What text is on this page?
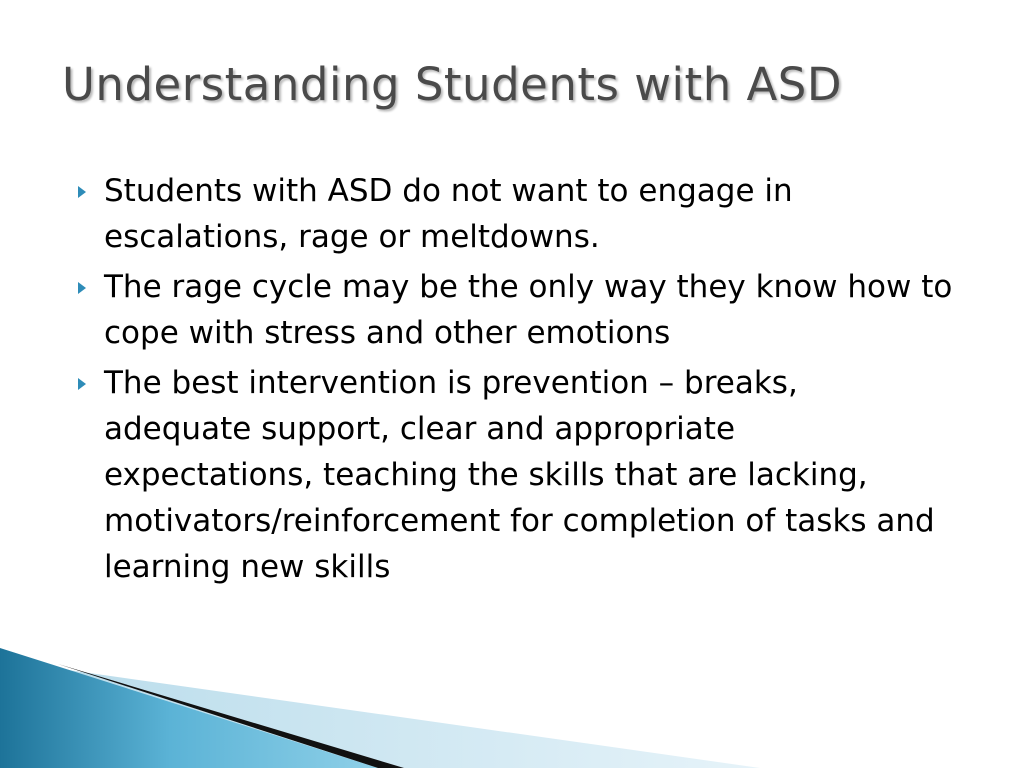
Understanding Students with ASD
Students with ASD do not want to engage in escalations, rage or meltdowns.
The rage cycle may be the only way they know how to cope with stress and other emotions
The best intervention is prevention – breaks, adequate support, clear and appropriate expectations, teaching the skills that are lacking, motivators/reinforcement for completion of tasks and learning new skills
